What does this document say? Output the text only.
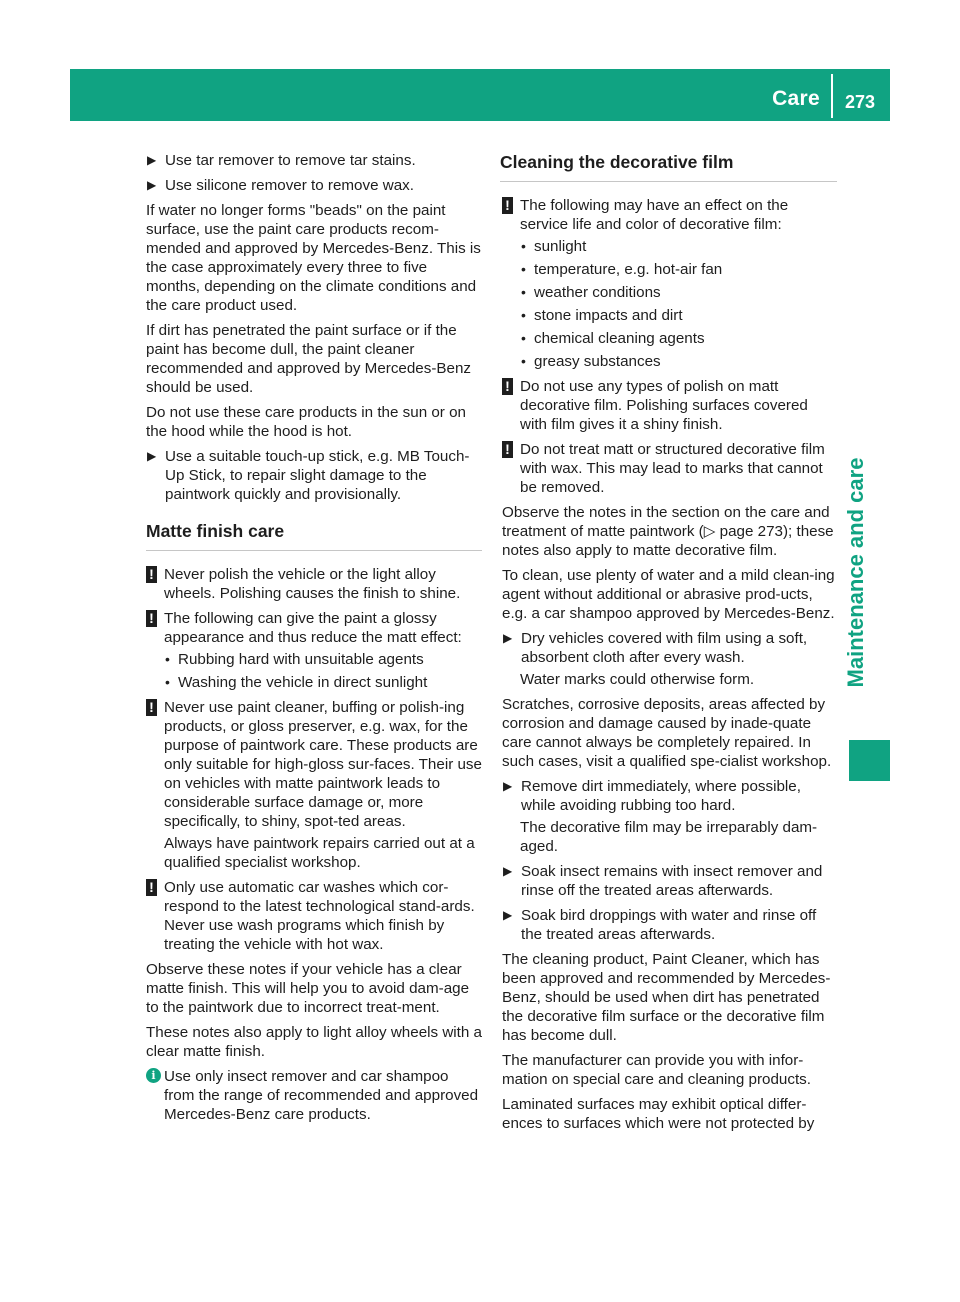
Care 273
Maintenance and care
▶ Use tar remover to remove tar stains.
▶ Use silicone remover to remove wax.

If water no longer forms "beads" on the paint surface, use the paint care products recom-mended and approved by Mercedes-Benz. This is the case approximately every three to five months, depending on the climate conditions and the care product used.

If dirt has penetrated the paint surface or if the paint has become dull, the paint cleaner recommended and approved by Mercedes-Benz should be used.

Do not use these care products in the sun or on the hood while the hood is hot.

▶ Use a suitable touch-up stick, e.g. MB Touch-Up Stick, to repair slight damage to the paintwork quickly and provisionally.
Matte finish care
! Never polish the vehicle or the light alloy wheels. Polishing causes the finish to shine.
! The following can give the paint a glossy appearance and thus reduce the matt effect:
• Rubbing hard with unsuitable agents
• Washing the vehicle in direct sunlight
! Never use paint cleaner, buffing or polish-ing products, or gloss preserver, e.g. wax, for the purpose of paintwork care. These products are only suitable for high-gloss sur-faces. Their use on vehicles with matte paintwork leads to considerable surface damage or, more specifically, to shiny, spot-ted areas.

Always have paintwork repairs carried out at a qualified specialist workshop.

! Only use automatic car washes which cor-respond to the latest technological stand-ards. Never use wash programs which finish by treating the vehicle with hot wax.

Observe these notes if your vehicle has a clear matte finish. This will help you to avoid dam-age to the paintwork due to incorrect treat-ment.

These notes also apply to light alloy wheels with a clear matte finish.

i Use only insect remover and car shampoo from the range of recommended and approved Mercedes-Benz care products.
Cleaning the decorative film
! The following may have an effect on the service life and color of decorative film:
• sunlight
• temperature, e.g. hot-air fan
• weather conditions
• stone impacts and dirt
• chemical cleaning agents
• greasy substances
! Do not use any types of polish on matt decorative film. Polishing surfaces covered with film gives it a shiny finish.
! Do not treat matt or structured decorative film with wax. This may lead to marks that cannot be removed.

Observe the notes in the section on the care and treatment of matte paintwork (▷ page 273); these notes also apply to matte decorative film.

To clean, use plenty of water and a mild clean-ing agent without additional or abrasive prod-ucts, e.g. a car shampoo approved by Mercedes-Benz.

▶ Dry vehicles covered with film using a soft, absorbent cloth after every wash.

Water marks could otherwise form.

Scratches, corrosive deposits, areas affected by corrosion and damage caused by inade-quate care cannot always be completely repaired. In such cases, visit a qualified spe-cialist workshop.

▶ Remove dirt immediately, where possible, while avoiding rubbing too hard.

The decorative film may be irreparably dam-aged.

▶ Soak insect remains with insect remover and rinse off the treated areas afterwards.
▶ Soak bird droppings with water and rinse off the treated areas afterwards.

The cleaning product, Paint Cleaner, which has been approved and recommended by Mercedes-Benz, should be used when dirt has penetrated the decorative film surface or the decorative film has become dull.

The manufacturer can provide you with infor-mation on special care and cleaning products.

Laminated surfaces may exhibit optical differ-ences to surfaces which were not protected by
